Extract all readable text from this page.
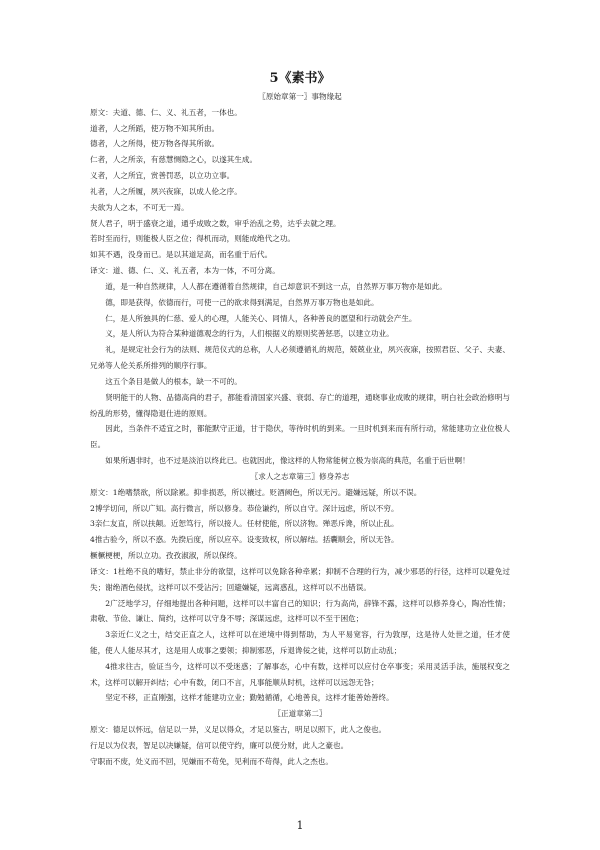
5《素书》

〖原始章第一〗事物缘起

原文：夫道、德、仁、义、礼五者，一体也。

道者，人之所蹈，使万物不知其所由。

德者，人之所得，使万物各得其所欲。

仁者，人之所亲，有慈慧恻隐之心，以遂其生成。

义者，人之所宜，赏善罚恶，以立功立事。

礼者，人之所履，夙兴夜寐，以成人伦之序。

夫欲为人之本，不可无一焉。

贤人君子，明于盛衰之道，通乎成败之数，审乎治乱之势，达乎去就之理。

若时至而行，则能极人臣之位；得机而动，则能成绝代之功。

如其不遇，没身而已。是以其道足高，而名重于后代。

译文：道、德、仁、义、礼五者，本为一体，不可分离。

道，是一种自然规律，人人都在遵循着自然规律，自己却意识不到这一点，自然界万事万物亦是如此。

德，即是获得，依德而行，可使一己的欲求得到满足，自然界万事万物也是如此。

仁，是人所独具的仁慈、爱人的心理，人能关心、同情人，各种善良的愿望和行动就会产生。

义，是人所认为符合某种道德观念的行为，人们根据义的原则奖善惩恶，以建立功业。

礼，是规定社会行为的法则、规范仪式的总称，人人必须遵循礼的规范，兢兢业业，夙兴夜寐，按照君臣、父子、夫妻、兄弟等人伦关系所排列的顺序行事。

这五个条目是做人的根本，缺一不可的。

贤明能干的人物、品德高尚的君子，都能看清国家兴盛、衰弱、存亡的道理，通晓事业成败的规律，明白社会政治修明与纷乱的形势，懂得隐退仕进的原则。

因此，当条件不适宜之时，都能默守正道，甘于隐伏，等待时机的到来。一旦时机到来而有所行动，常能建功立业位极人臣。

如果所遇非时，也不过是淡泊以终此已。也就因此，像这样的人物常能树立极为崇高的典范，名重于后世啊！

〖求人之志章第三〗修身养志

原文：1绝嗜禁欲，所以除累。抑非损恶，所以禳过。贬酒阙色，所以无污。避嫌远疑，所以不误。

2博学切问，所以广知。高行微言，所以修身。恭俭谦约，所以自守。深计远虑，所以不穷。

3亲仁友直，所以扶颠。近恕笃行，所以接人。任材使能，所以济物。殚恶斥谗，所以止乱。

4推古验今，所以不惑。先揆后度，所以应卒。设变致权，所以解结。括囊顺会，所以无咎。

橛橛梗梗，所以立功。孜孜淑淑，所以保终。

译文：1杜绝不良的嗜好，禁止非分的欲望，这样可以免除各种牵累；抑制不合理的行为，减少邪恶的行径，这样可以避免过失；谢绝酒色侵扰，这样可以不受沾污；回避嫌疑，远离惑乱，这样可以不出错误。

2广泛地学习，仔细地提出各种问题，这样可以丰富自己的知识；行为高尚，辞锋不露，这样可以修养身心，陶冶性情；肃敬、节俭、谦让、简约，这样可以守身不辱；深谋远虑，这样可以不至于困危；

3亲近仁义之士，结交正直之人，这样可以在逆境中得到帮助，为人平易宽容，行为敦厚，这是待人处世之道，任才使能，使人人能尽其才，这是用人成事之要领；抑制邪恶，斥退谗佞之徒，这样可以防止动乱；

4推求往古，验证当今，这样可以不受迷惑；了解事态，心中有数，这样可以应付仓卒事变；采用灵活手法，施展权变之术，这样可以解开纠结；心中有数，闭口不言，凡事能顺从时机，这样可以远怨无咎；

坚定不移，正直刚强，这样才能建功立业；勤勉循循，心地善良，这样才能善始善终。

〖正道章第二〗

原文：德足以怀远，信足以一异，义足以得众，才足以鉴古，明足以照下，此人之俊也。

行足以为仪表，智足以决嫌疑，信可以使守约，廉可以使分财，此人之豪也。

守职而不废，处义而不回，见嫌而不苟免，见利而不苟得，此人之杰也。

1
